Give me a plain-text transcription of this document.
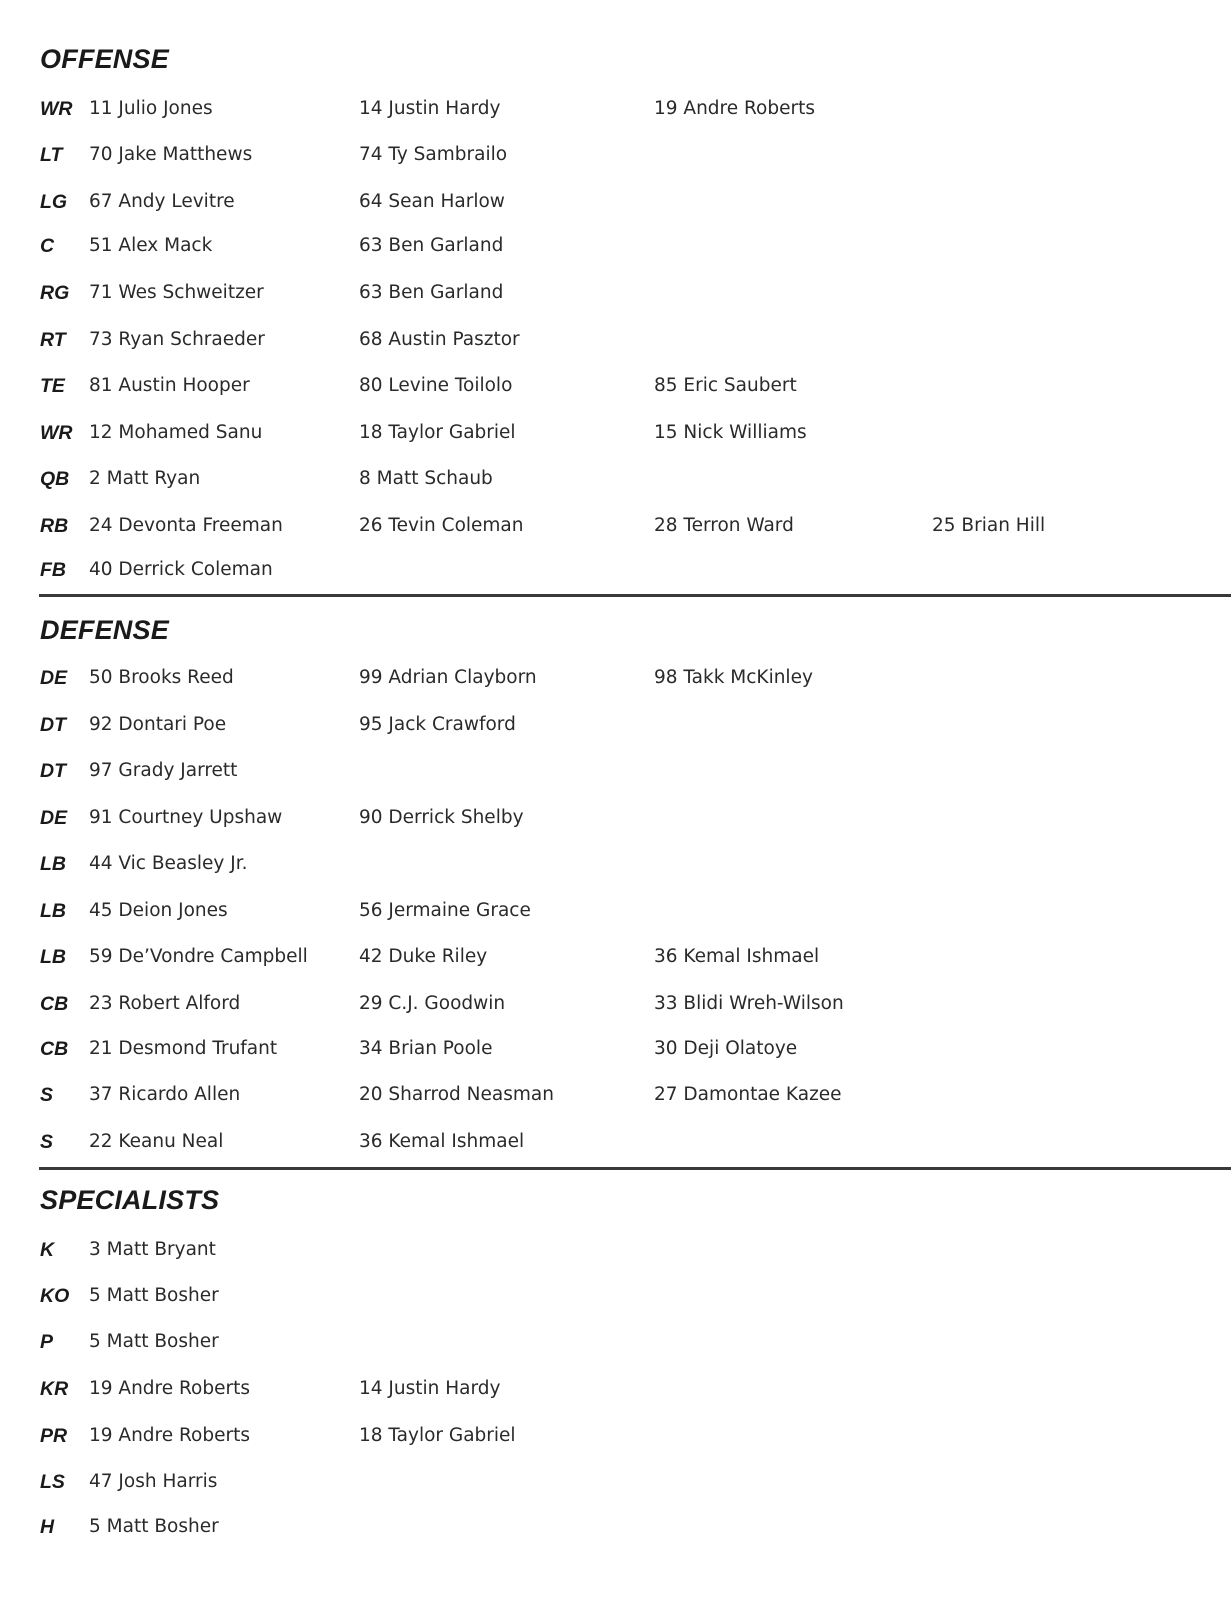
OFFENSE
WR 11 Julio Jones	14 Justin Hardy	19 Andre Roberts
LT 70 Jake Matthews	74 Ty Sambrailo
LG 67 Andy Levitre	64 Sean Harlow
C 51 Alex Mack	63 Ben Garland
RG 71 Wes Schweitzer	63 Ben Garland
RT 73 Ryan Schraeder	68 Austin Pasztor
TE 81 Austin Hooper	80 Levine Toilolo	85 Eric Saubert
WR 12 Mohamed Sanu	18 Taylor Gabriel	15 Nick Williams
QB 2 Matt Ryan	8 Matt Schaub
RB 24 Devonta Freeman	26 Tevin Coleman	28 Terron Ward	25 Brian Hill
FB 40 Derrick Coleman
DEFENSE
DE 50 Brooks Reed	99 Adrian Clayborn	98 Takk McKinley
DT 92 Dontari Poe	95 Jack Crawford
DT 97 Grady Jarrett
DE 91 Courtney Upshaw	90 Derrick Shelby
LB 44 Vic Beasley Jr.
LB 45 Deion Jones	56 Jermaine Grace
LB 59 De’Vondre Campbell	42 Duke Riley	36 Kemal Ishmael
CB 23 Robert Alford	29 C.J. Goodwin	33 Blidi Wreh-Wilson
CB 21 Desmond Trufant	34 Brian Poole	30 Deji Olatoye
S 37 Ricardo Allen	20 Sharrod Neasman	27 Damontae Kazee
S 22 Keanu Neal	36 Kemal Ishmael
SPECIALISTS
K 3 Matt Bryant
KO 5 Matt Bosher
P 5 Matt Bosher
KR 19 Andre Roberts	14 Justin Hardy
PR 19 Andre Roberts	18 Taylor Gabriel
LS 47 Josh Harris
H 5 Matt Bosher
